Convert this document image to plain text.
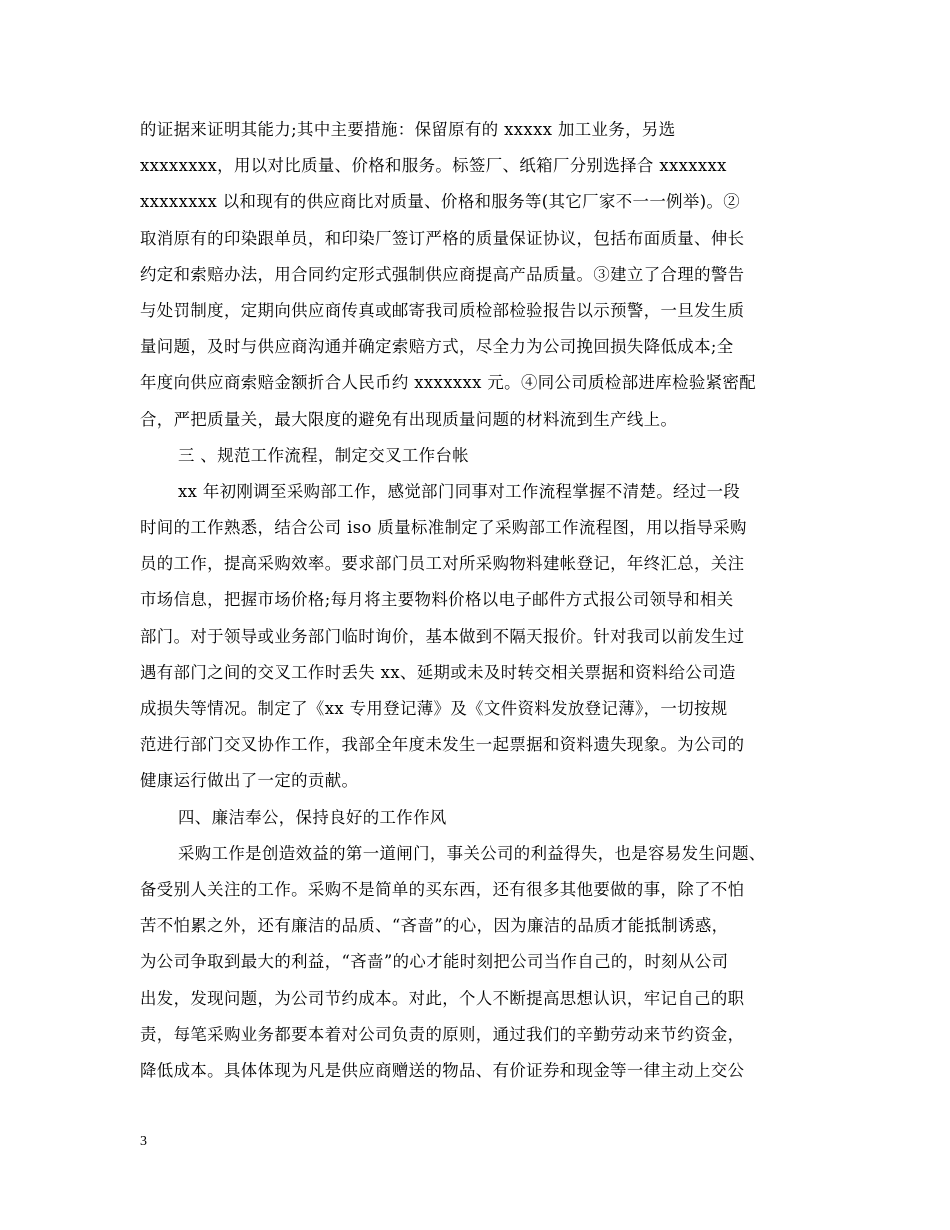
的证据来证明其能力;其中主要措施：保留原有的 xxxxx 加工业务，另选
xxxxxxxx，用以对比质量、价格和服务。标签厂、纸箱厂分别选择合 xxxxxxx
xxxxxxxx 以和现有的供应商比对质量、价格和服务等(其它厂家不一一例举)。②
取消原有的印染跟单员，和印染厂签订严格的质量保证协议，包括布面质量、伸长
约定和索赔办法，用合同约定形式强制供应商提高产品质量。③建立了合理的警告
与处罚制度，定期向供应商传真或邮寄我司质检部检验报告以示预警，一旦发生质
量问题，及时与供应商沟通并确定索赔方式，尽全力为公司挽回损失降低成本;全
年度向供应商索赔金额折合人民币约 xxxxxxx 元。④同公司质检部进库检验紧密配
合，严把质量关，最大限度的避免有出现质量问题的材料流到生产线上。
三 、规范工作流程，制定交叉工作台帐
xx 年初刚调至采购部工作，感觉部门同事对工作流程掌握不清楚。经过一段
时间的工作熟悉，结合公司 iso 质量标准制定了采购部工作流程图，用以指导采购
员的工作，提高采购效率。要求部门员工对所采购物料建帐登记，年终汇总，关注
市场信息，把握市场价格;每月将主要物料价格以电子邮件方式报公司领导和相关
部门。对于领导或业务部门临时询价，基本做到不隔天报价。针对我司以前发生过
遇有部门之间的交叉工作时丢失 xx、延期或未及时转交相关票据和资料给公司造
成损失等情况。制定了《xx 专用登记薄》及《文件资料发放登记薄》，一切按规
范进行部门交叉协作工作，我部全年度未发生一起票据和资料遗失现象。为公司的
健康运行做出了一定的贡献。
四、廉洁奉公，保持良好的工作作风
采购工作是创造效益的第一道闸门，事关公司的利益得失，也是容易发生问题、
备受别人关注的工作。采购不是简单的买东西，还有很多其他要做的事，除了不怕
苦不怕累之外，还有廉洁的品质、“吝啬”的心，因为廉洁的品质才能抵制诱惑，
为公司争取到最大的利益，“吝啬”的心才能时刻把公司当作自己的，时刻从公司
出发，发现问题，为公司节约成本。对此，个人不断提高思想认识，牢记自己的职
责，每笔采购业务都要本着对公司负责的原则，通过我们的辛勤劳动来节约资金，
降低成本。具体体现为凡是供应商赠送的物品、有价证券和现金等一律主动上交公
3
